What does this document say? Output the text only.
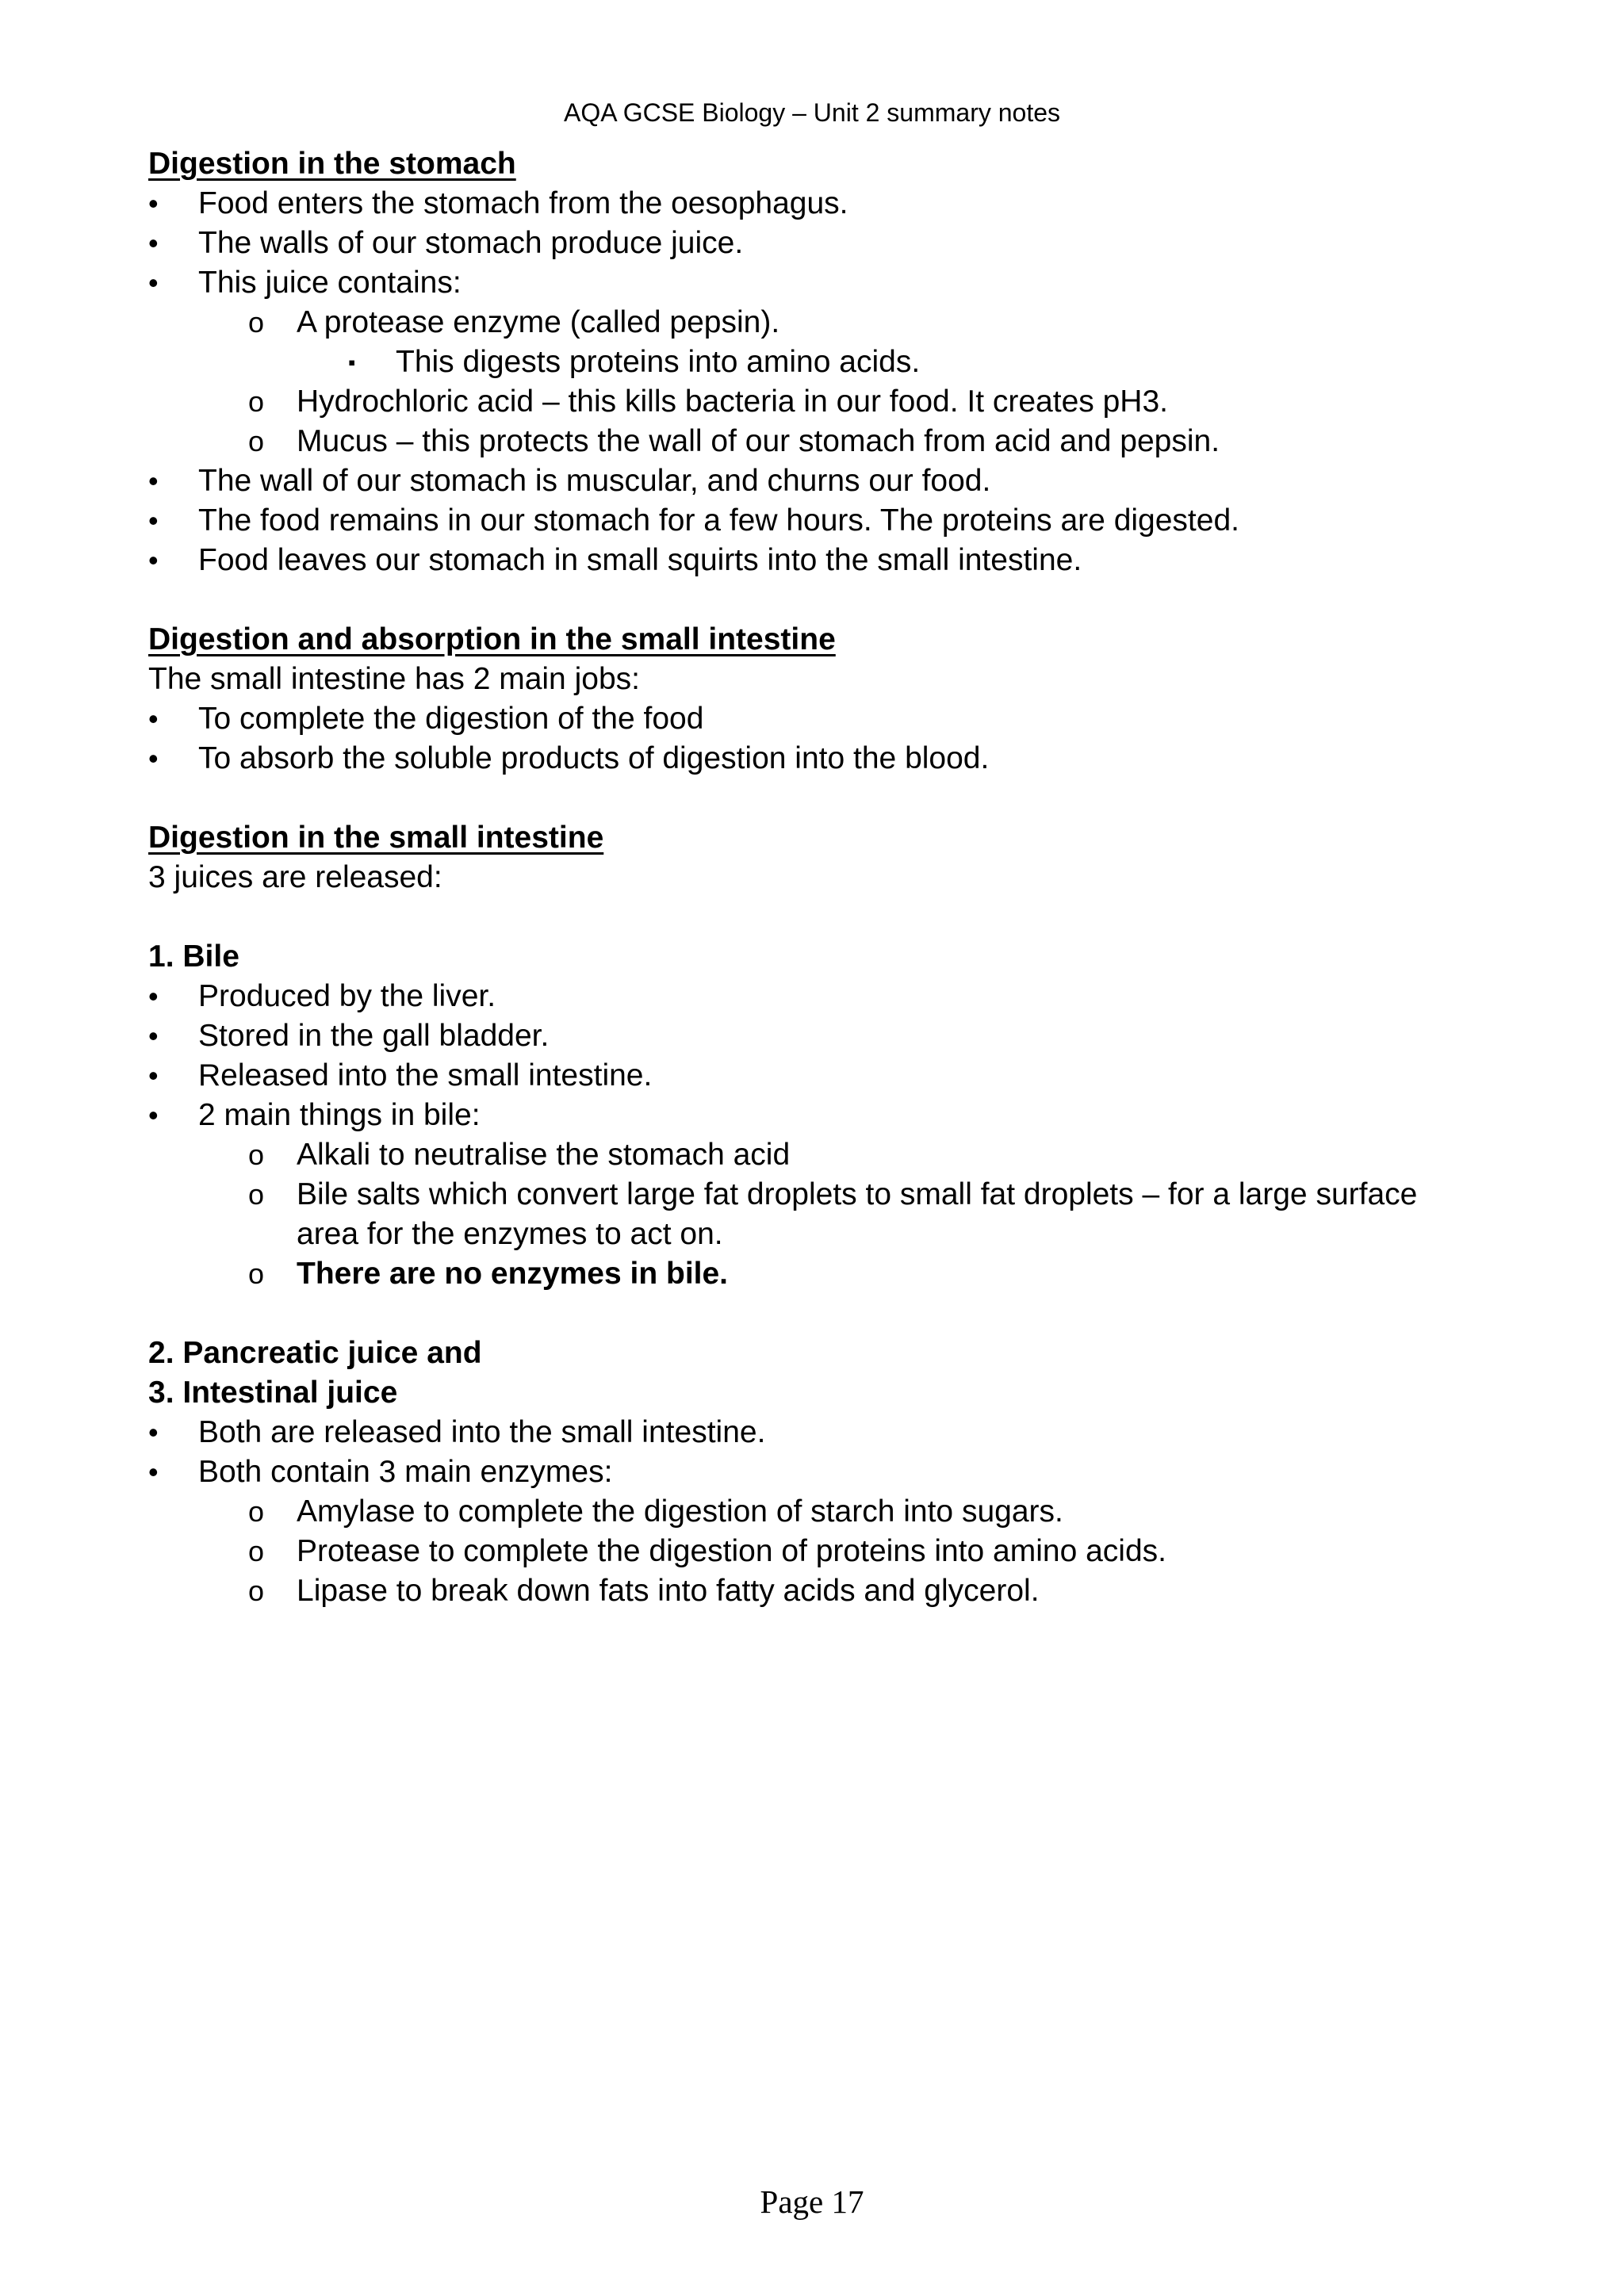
AQA GCSE Biology – Unit 2 summary notes

Digestion in the stomach

• Food enters the stomach from the oesophagus.
• The walls of our stomach produce juice.
• This juice contains:
o A protease enzyme (called pepsin).
▪ This digests proteins into amino acids.
o Hydrochloric acid – this kills bacteria in our food. It creates pH3.
o Mucus – this protects the wall of our stomach from acid and pepsin.
• The wall of our stomach is muscular, and churns our food.
• The food remains in our stomach for a few hours. The proteins are digested.
• Food leaves our stomach in small squirts into the small intestine.

Digestion and absorption in the small intestine

The small intestine has 2 main jobs:

• To complete the digestion of the food
• To absorb the soluble products of digestion into the blood.

Digestion in the small intestine

3 juices are released:

1. Bile

• Produced by the liver.
• Stored in the gall bladder.
• Released into the small intestine.
• 2 main things in bile:
o Alkali to neutralise the stomach acid
o Bile salts which convert large fat droplets to small fat droplets – for a large surface area for the enzymes to act on.
o There are no enzymes in bile.

2. Pancreatic juice and

3. Intestinal juice

• Both are released into the small intestine.
• Both contain 3 main enzymes:
o Amylase to complete the digestion of starch into sugars.
o Protease to complete the digestion of proteins into amino acids.
o Lipase to break down fats into fatty acids and glycerol.
Page 17
